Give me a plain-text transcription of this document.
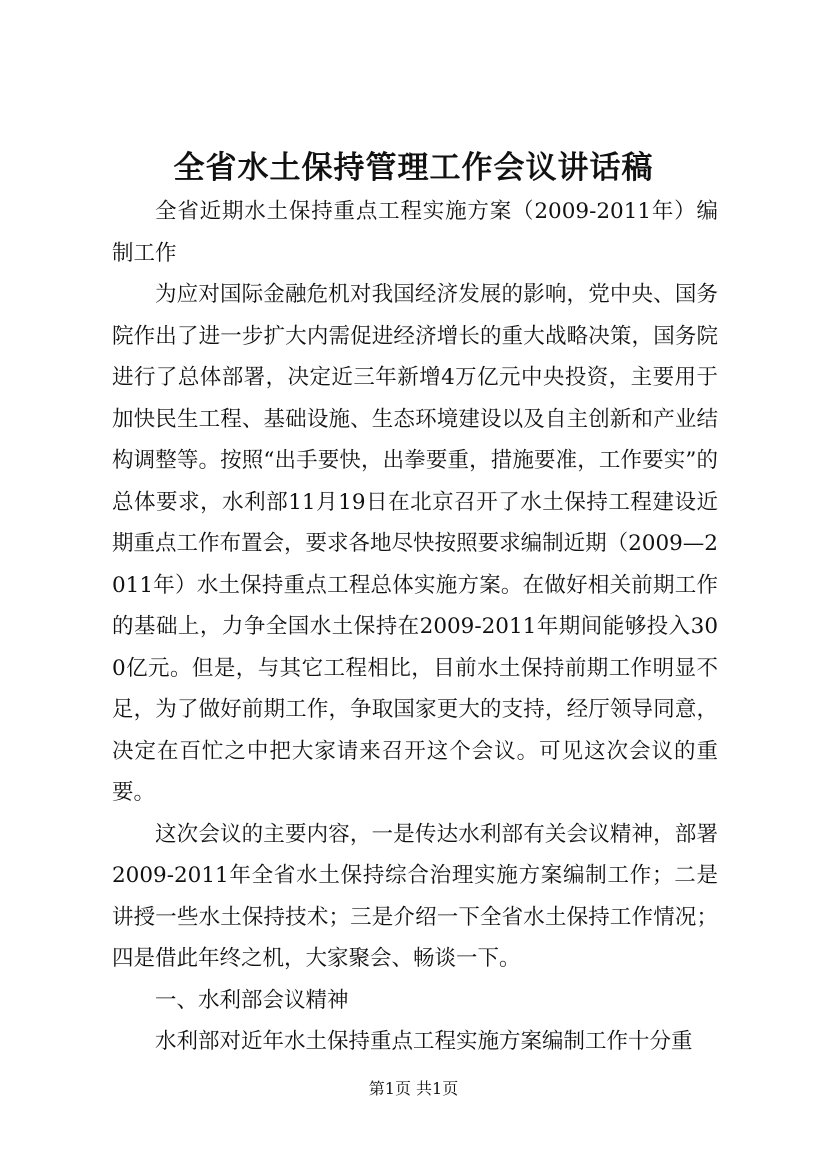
全省水土保持管理工作会议讲话稿

全省近期水土保持重点工程实施方案（2009-2011年）编制工作

为应对国际金融危机对我国经济发展的影响，党中央、国务院作出了进一步扩大内需促进经济增长的重大战略决策，国务院进行了总体部署，决定近三年新增4万亿元中央投资，主要用于加快民生工程、基础设施、生态环境建设以及自主创新和产业结构调整等。按照“出手要快，出拳要重，措施要准，工作要实”的总体要求，水利部11月19日在北京召开了水土保持工程建设近期重点工作布置会，要求各地尽快按照要求编制近期（2009—2011年）水土保持重点工程总体实施方案。在做好相关前期工作的基础上，力争全国水土保持在2009-2011年期间能够投入300亿元。但是，与其它工程相比，目前水土保持前期工作明显不足，为了做好前期工作，争取国家更大的支持，经厅领导同意，决定在百忙之中把大家请来召开这个会议。可见这次会议的重要。

这次会议的主要内容，一是传达水利部有关会议精神，部署2009-2011年全省水土保持综合治理实施方案编制工作；二是讲授一些水土保持技术；三是介绍一下全省水土保持工作情况；四是借此年终之机，大家聚会、畅谈一下。

一、水利部会议精神

水利部对近年水土保持重点工程实施方案编制工作十分重

第1页 共1页
